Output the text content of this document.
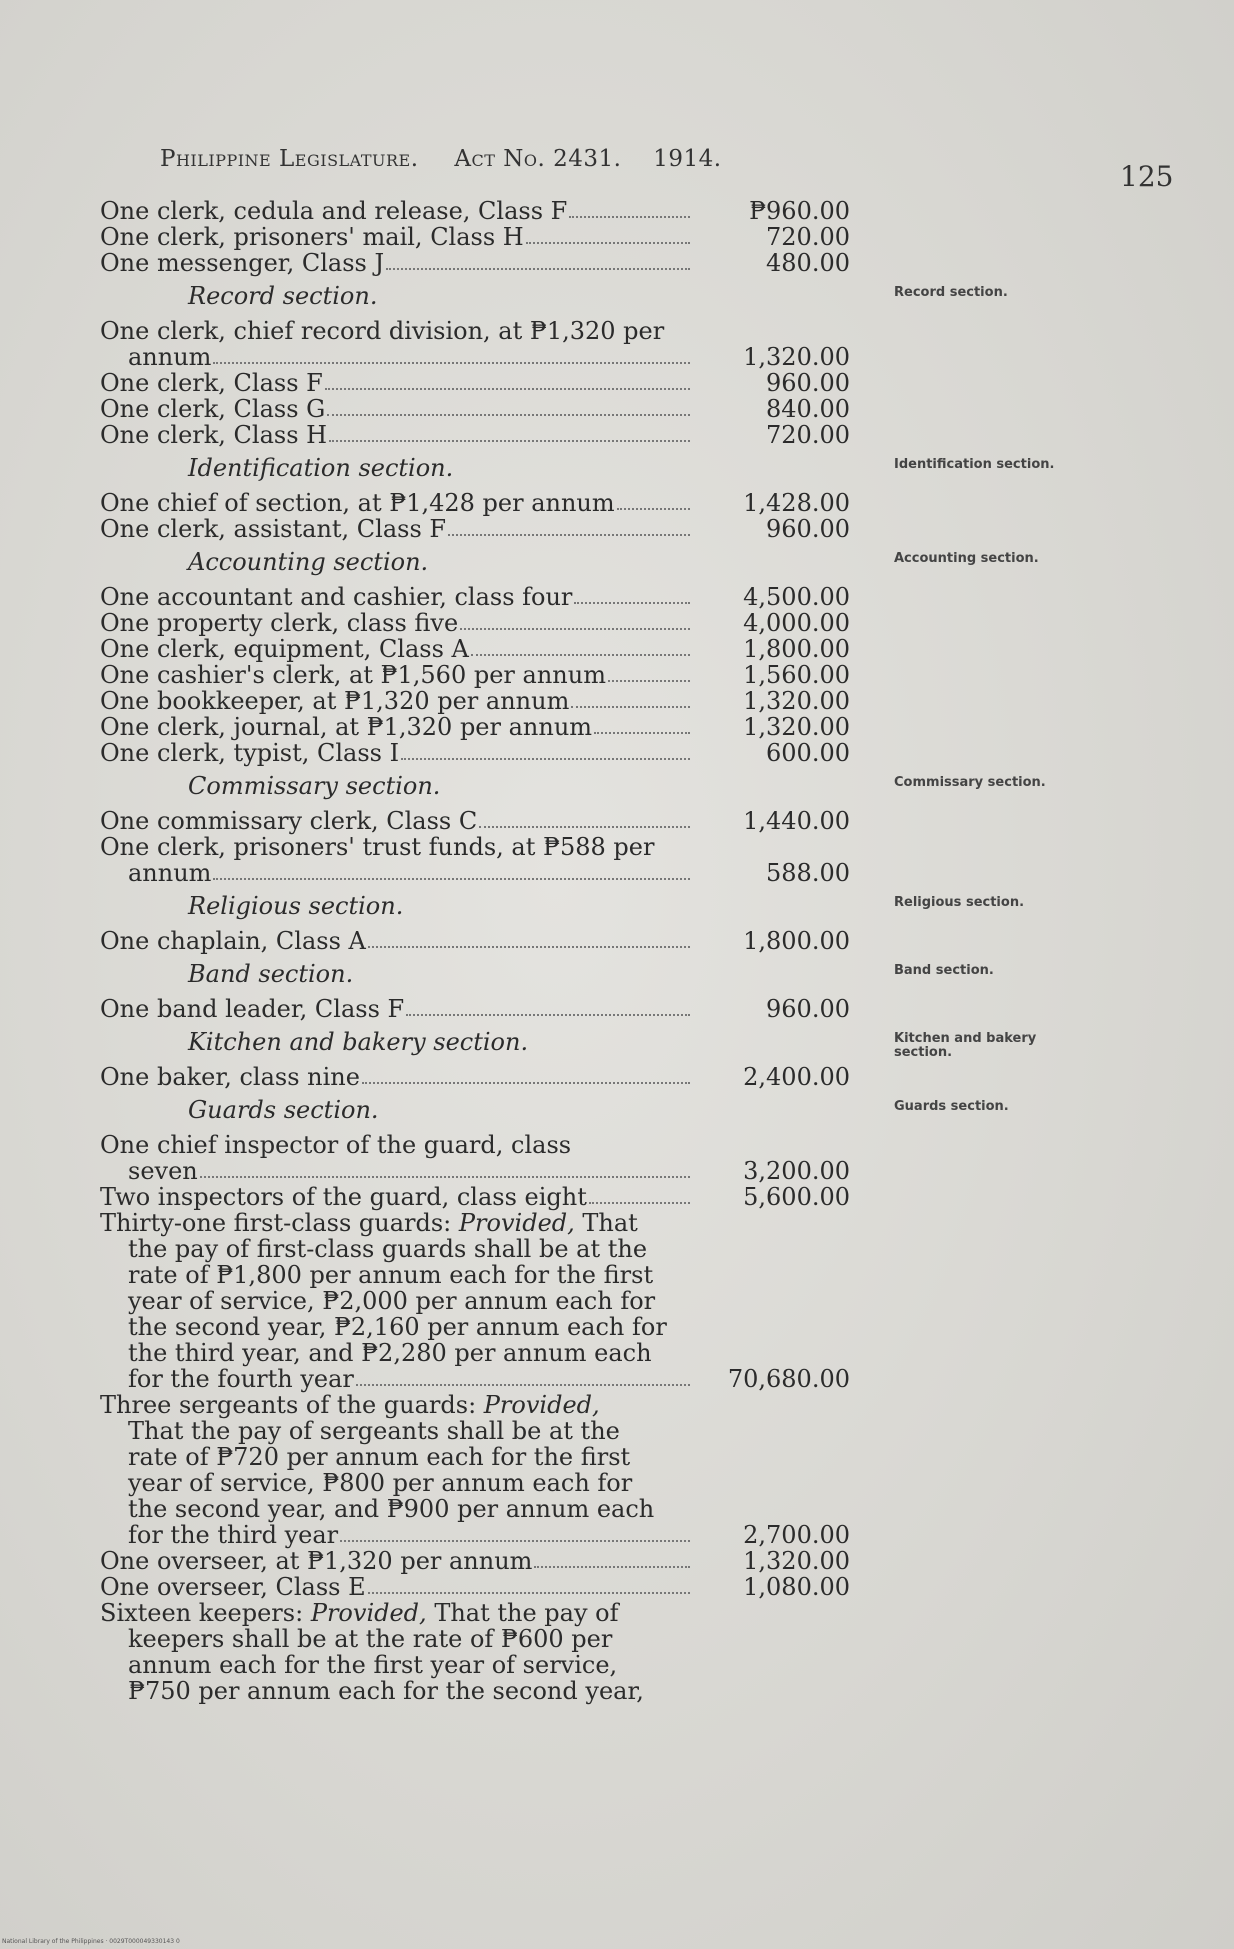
Philippine Legislature. Act No. 2431. 1914.
125
One clerk, cedula and release, Class F	₱960.00
One clerk, prisoners' mail, Class H	720.00
One messenger, Class J	480.00
Record section.	Record section.
One clerk, chief record division, at ₱1,320 per
annum	1,320.00
One clerk, Class F	960.00
One clerk, Class G	840.00
One clerk, Class H	720.00
Identification section.	Identification section.
One chief of section, at ₱1,428 per annum	1,428.00
One clerk, assistant, Class F	960.00
Accounting section.	Accounting section.
One accountant and cashier, class four	4,500.00
One property clerk, class five	4,000.00
One clerk, equipment, Class A	1,800.00
One cashier's clerk, at ₱1,560 per annum	1,560.00
One bookkeeper, at ₱1,320 per annum	1,320.00
One clerk, journal, at ₱1,320 per annum	1,320.00
One clerk, typist, Class I	600.00
Commissary section.	Commissary section.
One commissary clerk, Class C	1,440.00
One clerk, prisoners' trust funds, at ₱588 per
annum	588.00
Religious section.	Religious section.
One chaplain, Class A	1,800.00
Band section.	Band section.
One band leader, Class F	960.00
Kitchen and bakery section.	Kitchen and bakery section.
One baker, class nine	2,400.00
Guards section.	Guards section.
One chief inspector of the guard, class
seven	3,200.00
Two inspectors of the guard, class eight	5,600.00
Thirty-one first-class guards: Provided, That
the pay of first-class guards shall be at the
rate of ₱1,800 per annum each for the first
year of service, ₱2,000 per annum each for
the second year, ₱2,160 per annum each for
the third year, and ₱2,280 per annum each
for the fourth year	70,680.00
Three sergeants of the guards: Provided,
That the pay of sergeants shall be at the
rate of ₱720 per annum each for the first
year of service, ₱800 per annum each for
the second year, and ₱900 per annum each
for the third year	2,700.00
One overseer, at ₱1,320 per annum	1,320.00
One overseer, Class E	1,080.00
Sixteen keepers: Provided, That the pay of
keepers shall be at the rate of ₱600 per
annum each for the first year of service,
₱750 per annum each for the second year,
National Library of the Philippines · 0029T000049330143 0
